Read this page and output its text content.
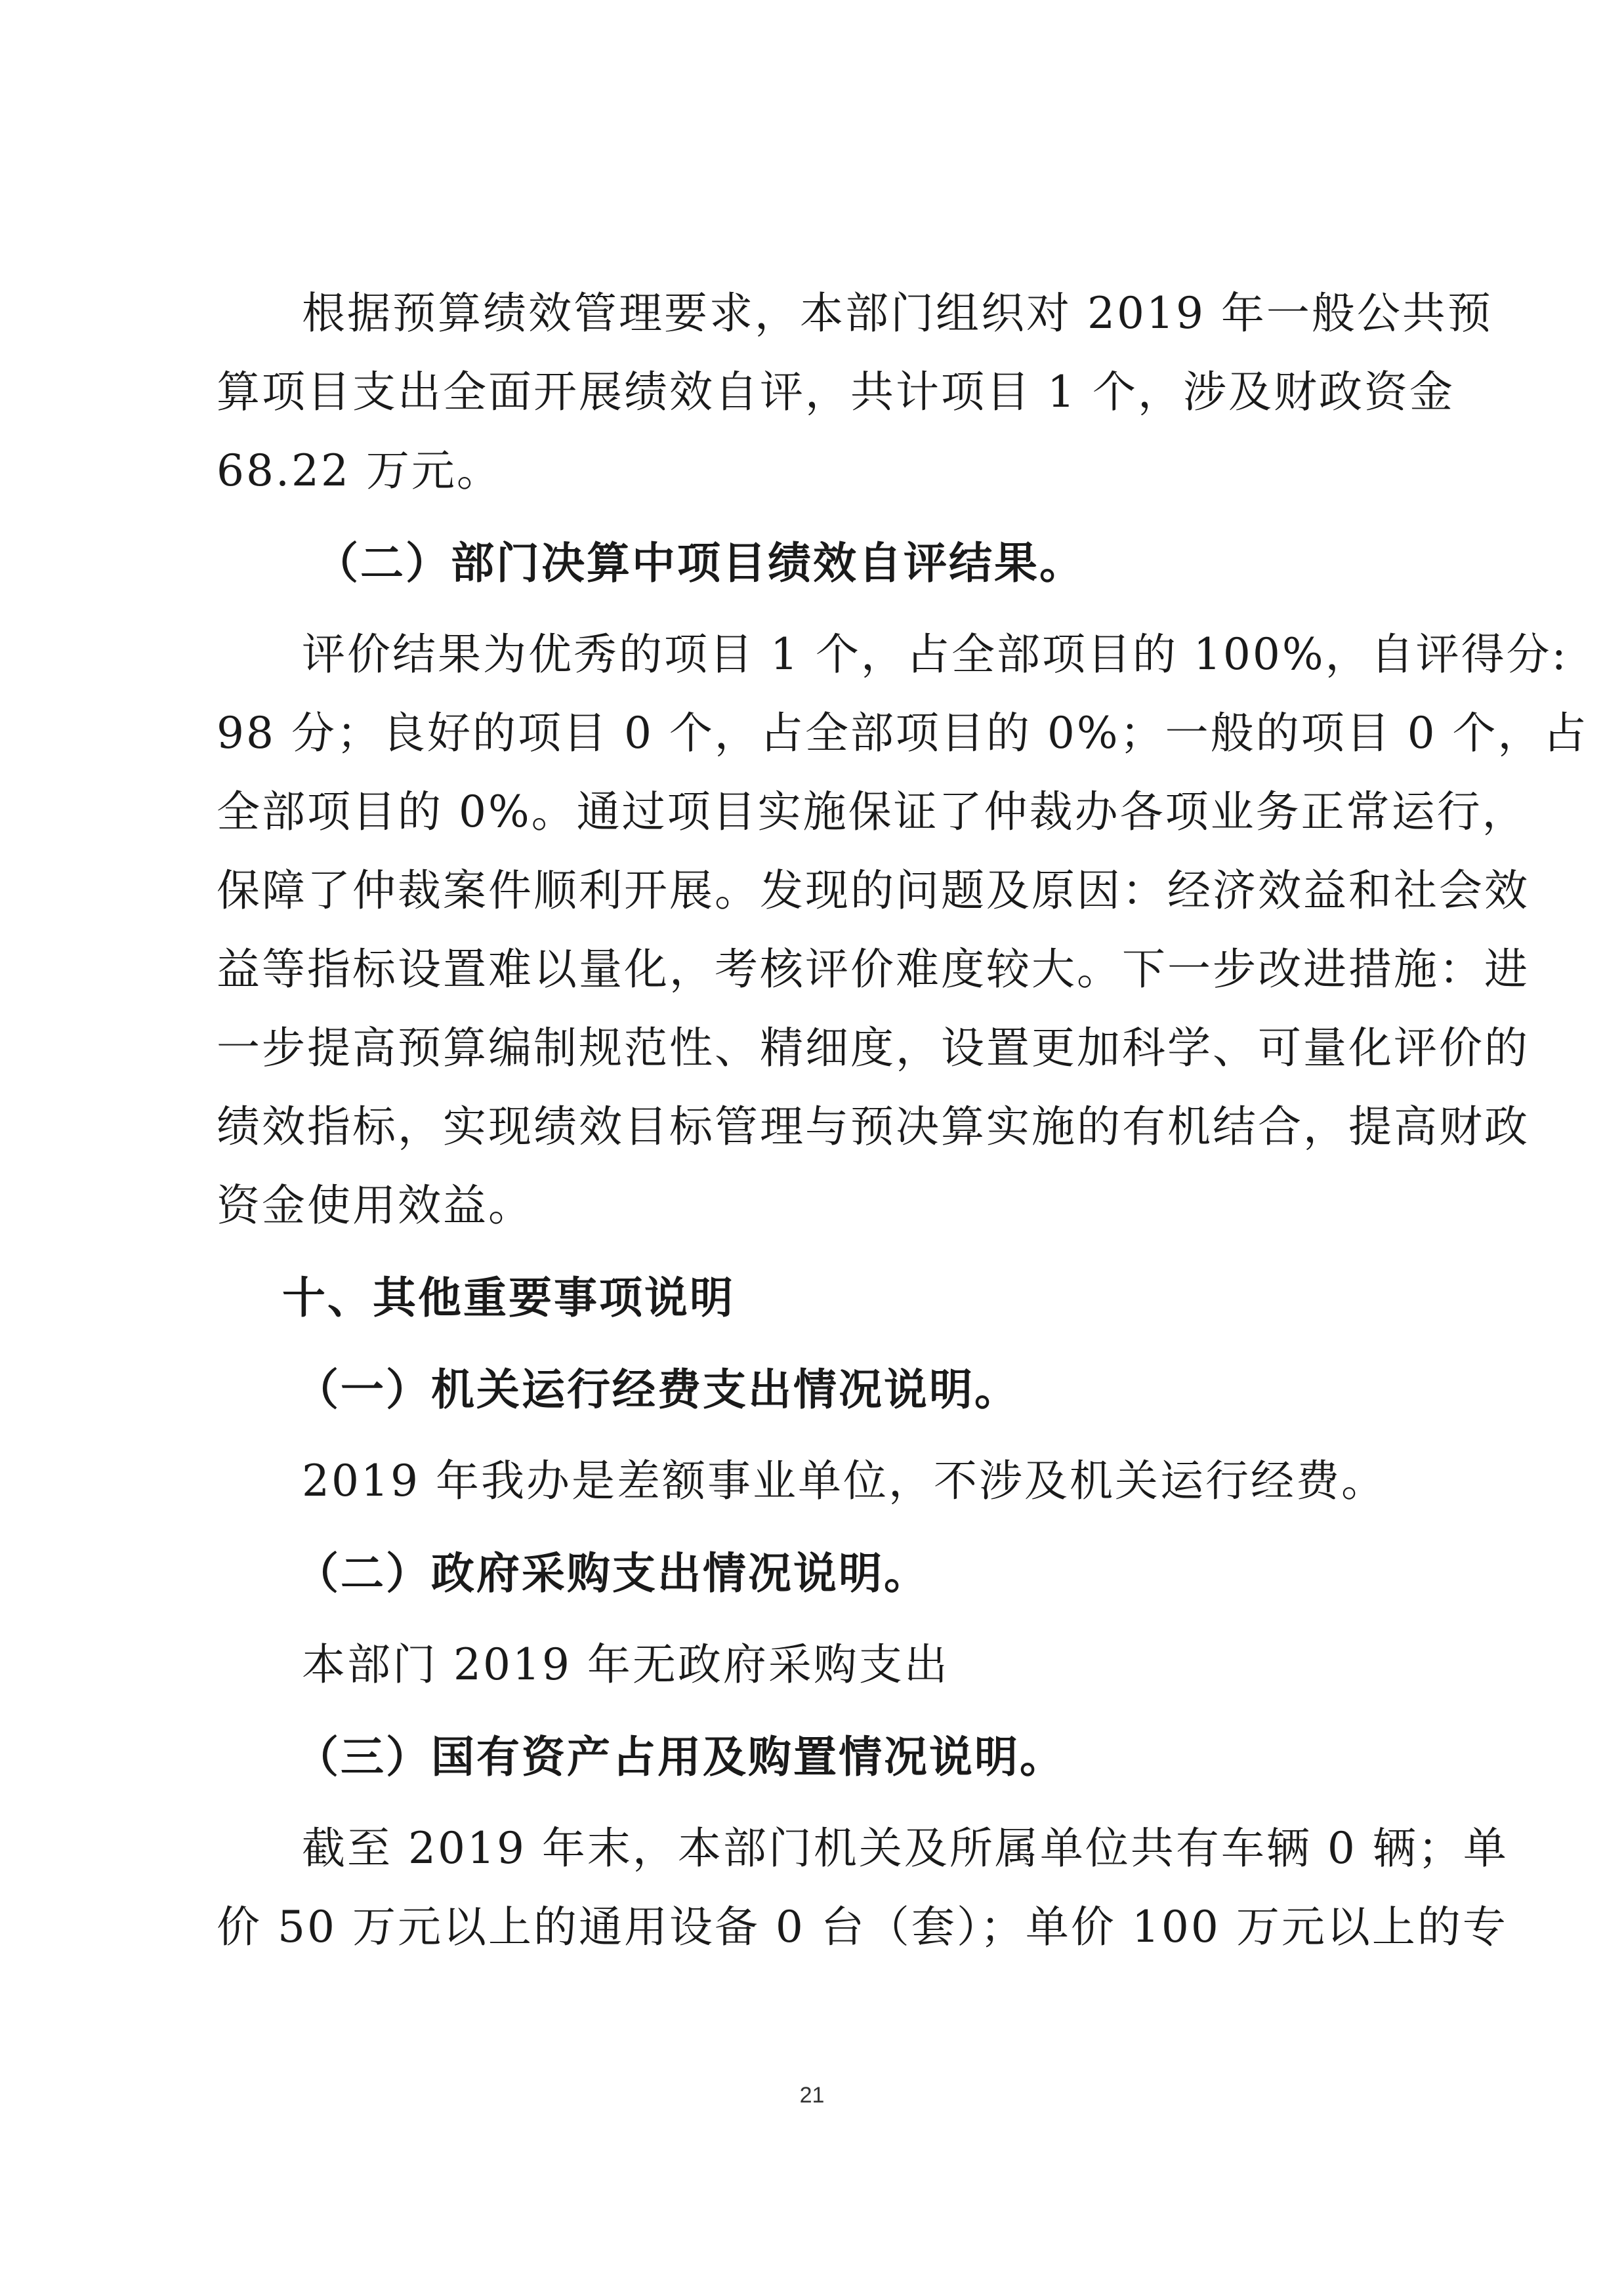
根据预算绩效管理要求，本部门组织对 2019 年一般公共预
算项目支出全面开展绩效自评，共计项目 1 个，涉及财政资金
68.22 万元。
（二）部门决算中项目绩效自评结果。
评价结果为优秀的项目 1 个，占全部项目的 100%，自评得分:
98 分；良好的项目 0 个，占全部项目的 0%；一般的项目 0 个，占
全部项目的 0%。通过项目实施保证了仲裁办各项业务正常运行，
保障了仲裁案件顺利开展。发现的问题及原因：经济效益和社会效
益等指标设置难以量化，考核评价难度较大。下一步改进措施：进
一步提高预算编制规范性、精细度，设置更加科学、可量化评价的
绩效指标，实现绩效目标管理与预决算实施的有机结合，提高财政
资金使用效益。
十、其他重要事项说明
（一）机关运行经费支出情况说明。
2019 年我办是差额事业单位，不涉及机关运行经费。
（二）政府采购支出情况说明。
本部门 2019 年无政府采购支出
（三）国有资产占用及购置情况说明。
截至 2019 年末，本部门机关及所属单位共有车辆 0 辆；单
价 50 万元以上的通用设备 0 台（套）；单价 100 万元以上的专
21
